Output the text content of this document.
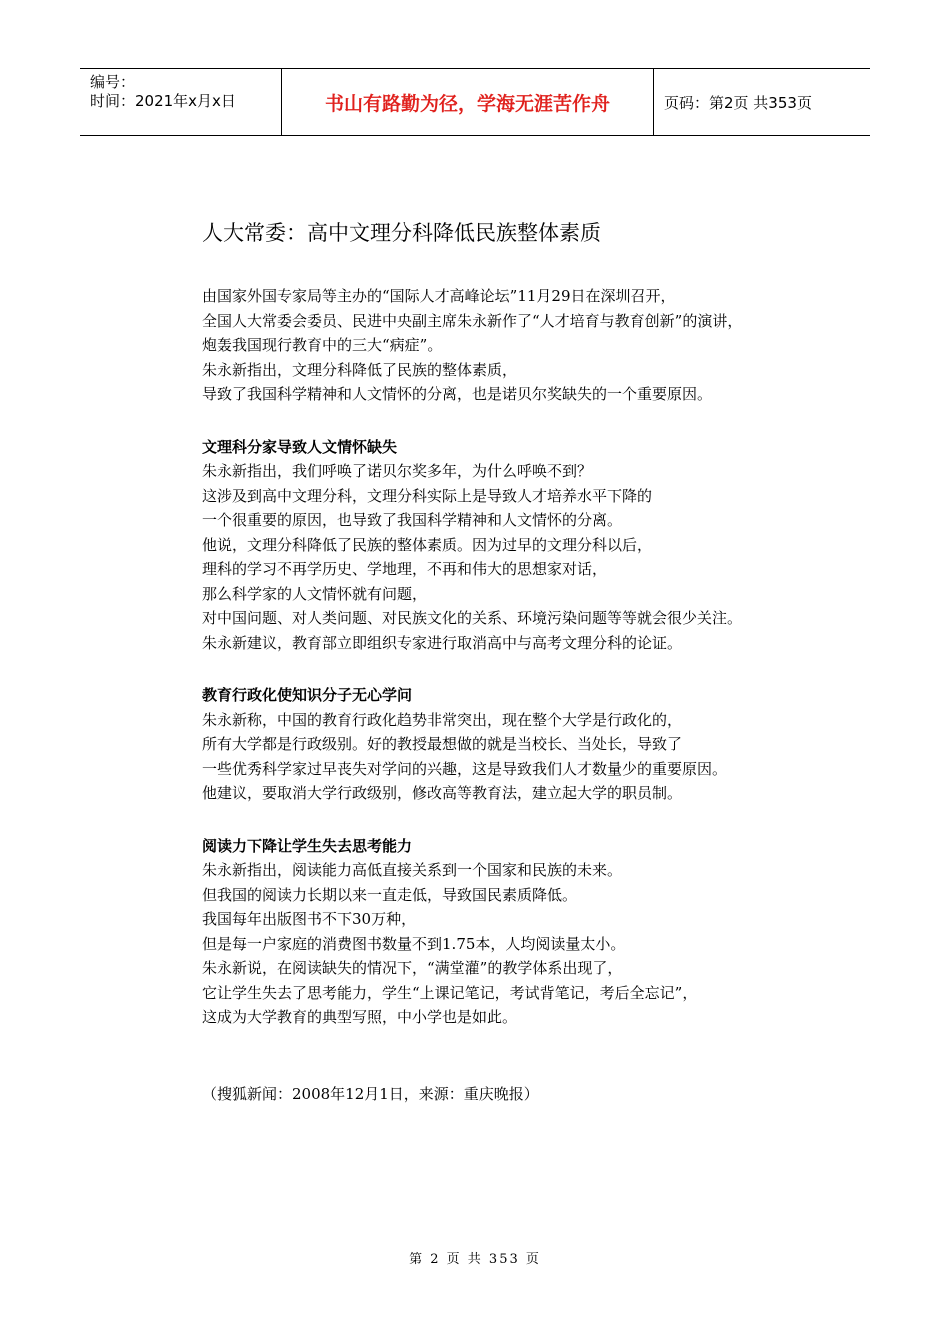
编号：
时间：2021年x月x日	书山有路勤为径，学海无涯苦作舟	页码：第2页 共353页
人大常委：高中文理分科降低民族整体素质
由国家外国专家局等主办的“国际人才高峰论坛”11月29日在深圳召开，
全国人大常委会委员、民进中央副主席朱永新作了“人才培育与教育创新”的演讲，
炮轰我国现行教育中的三大“病症”。
朱永新指出，文理分科降低了民族的整体素质，
导致了我国科学精神和人文情怀的分离，也是诺贝尔奖缺失的一个重要原因。
文理科分家导致人文情怀缺失
朱永新指出，我们呼唤了诺贝尔奖多年，为什么呼唤不到？
这涉及到高中文理分科，文理分科实际上是导致人才培养水平下降的
一个很重要的原因，也导致了我国科学精神和人文情怀的分离。
他说，文理分科降低了民族的整体素质。因为过早的文理分科以后，
理科的学习不再学历史、学地理，不再和伟大的思想家对话，
那么科学家的人文情怀就有问题，
对中国问题、对人类问题、对民族文化的关系、环境污染问题等等就会很少关注。
朱永新建议，教育部立即组织专家进行取消高中与高考文理分科的论证。
教育行政化使知识分子无心学问
朱永新称，中国的教育行政化趋势非常突出，现在整个大学是行政化的，
所有大学都是行政级别。好的教授最想做的就是当校长、当处长，导致了
一些优秀科学家过早丧失对学问的兴趣，这是导致我们人才数量少的重要原因。
他建议，要取消大学行政级别，修改高等教育法，建立起大学的职员制。
阅读力下降让学生失去思考能力
朱永新指出，阅读能力高低直接关系到一个国家和民族的未来。
但我国的阅读力长期以来一直走低，导致国民素质降低。
我国每年出版图书不下30万种，
但是每一户家庭的消费图书数量不到1.75本，人均阅读量太小。
朱永新说，在阅读缺失的情况下，“满堂灌”的教学体系出现了，
它让学生失去了思考能力，学生“上课记笔记，考试背笔记，考后全忘记”，
这成为大学教育的典型写照，中小学也是如此。
（搜狐新闻：2008年12月1日，来源：重庆晚报）
第 2 页 共 353 页
